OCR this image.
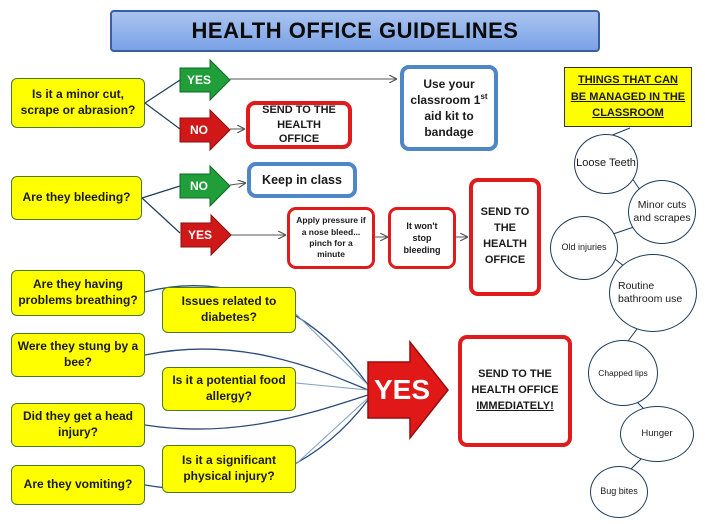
HEALTH OFFICE GUIDELINES
YES
NO
NO
YES
YES
Is it a minor cut, scrape or abrasion?
Are they bleeding?
Are they having problems breathing?
Were they stung by a bee?
Did they get a head injury?
Are they vomiting?
Issues related to diabetes?
Is it a potential food allergy?
Is it a significant physical injury?
Use your classroom 1st aid kit to bandage
SEND TO THE HEALTH OFFICE
Keep in class
Apply pressure if a nose bleed... pinch for a minute
It won't stop bleeding
SEND TO THE HEALTH OFFICE
SEND TO THE HEALTH OFFICE
IMMEDIATELY!
THINGS THAT CAN BE MANAGED IN THE CLASSROOM
Loose Teeth
Minor cuts and scrapes
Old injuries
Routine bathroom use
Chapped lips
Hunger
Bug bites
